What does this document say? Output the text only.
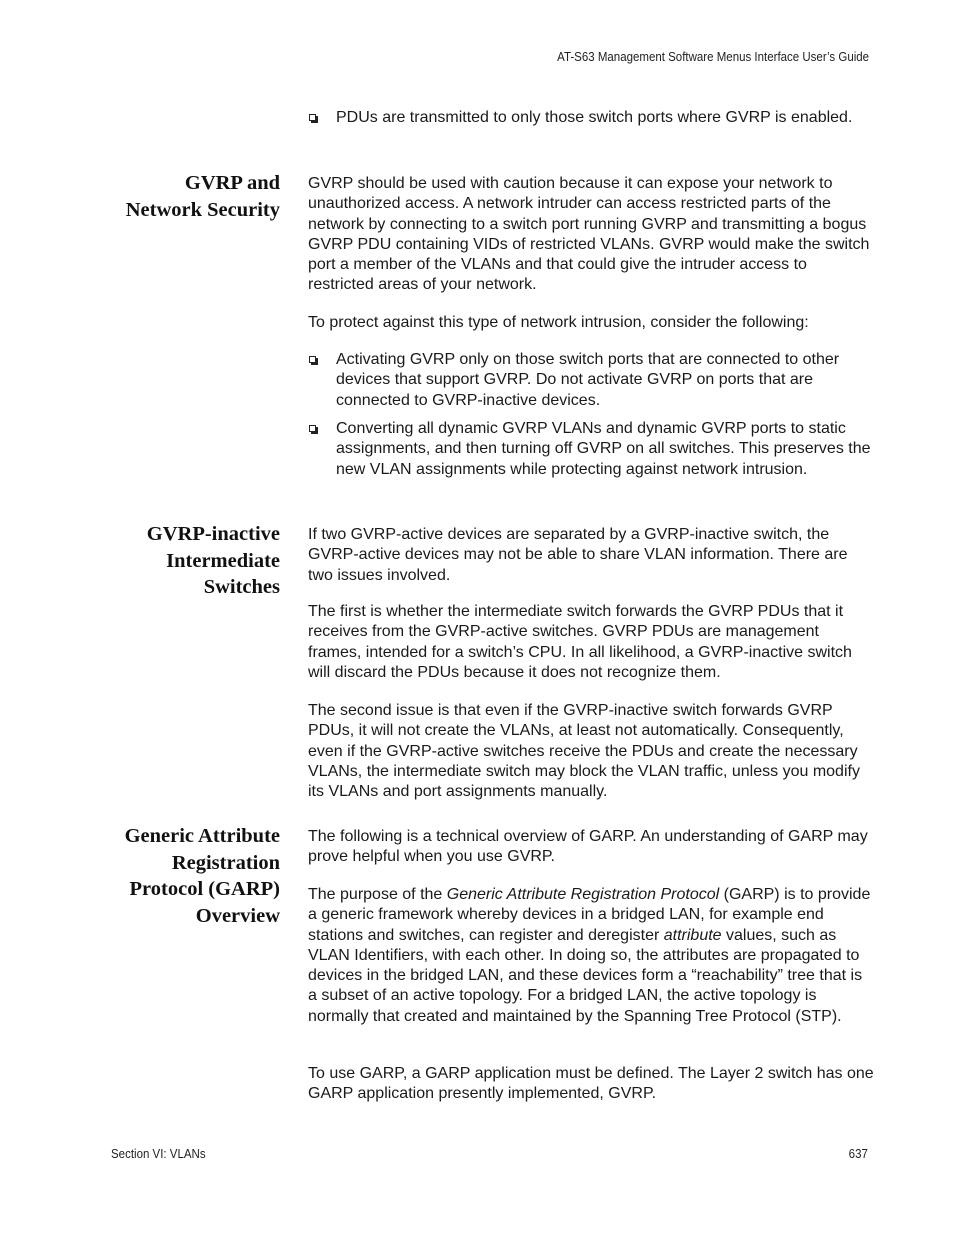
AT-S63 Management Software Menus Interface User’s Guide
PDUs are transmitted to only those switch ports where GVRP is enabled.
GVRP and
Network Security

GVRP should be used with caution because it can expose your network to unauthorized access. A network intruder can access restricted parts of the network by connecting to a switch port running GVRP and transmitting a bogus GVRP PDU containing VIDs of restricted VLANs. GVRP would make the switch port a member of the VLANs and that could give the intruder access to restricted areas of your network.

To protect against this type of network intrusion, consider the following:

Activating GVRP only on those switch ports that are connected to other devices that support GVRP. Do not activate GVRP on ports that are connected to GVRP-inactive devices.
Converting all dynamic GVRP VLANs and dynamic GVRP ports to static assignments, and then turning off GVRP on all switches. This preserves the new VLAN assignments while protecting against network intrusion.
GVRP-inactive
Intermediate
Switches

If two GVRP-active devices are separated by a GVRP-inactive switch, the GVRP-active devices may not be able to share VLAN information. There are two issues involved.

The first is whether the intermediate switch forwards the GVRP PDUs that it receives from the GVRP-active switches. GVRP PDUs are management frames, intended for a switch’s CPU. In all likelihood, a GVRP-inactive switch will discard the PDUs because it does not recognize them.

The second issue is that even if the GVRP-inactive switch forwards GVRP PDUs, it will not create the VLANs, at least not automatically. Consequently, even if the GVRP-active switches receive the PDUs and create the necessary VLANs, the intermediate switch may block the VLAN traffic, unless you modify its VLANs and port assignments manually.

Generic Attribute
Registration
Protocol (GARP)
Overview

The following is a technical overview of GARP. An understanding of GARP may prove helpful when you use GVRP.

The purpose of the Generic Attribute Registration Protocol (GARP) is to provide a generic framework whereby devices in a bridged LAN, for example end stations and switches, can register and deregister attribute values, such as VLAN Identifiers, with each other. In doing so, the attributes are propagated to devices in the bridged LAN, and these devices form a “reachability” tree that is a subset of an active topology. For a bridged LAN, the active topology is normally that created and maintained by the Spanning Tree Protocol (STP).

To use GARP, a GARP application must be defined. The Layer 2 switch has one GARP application presently implemented, GVRP.

Section VI: VLANs	637
